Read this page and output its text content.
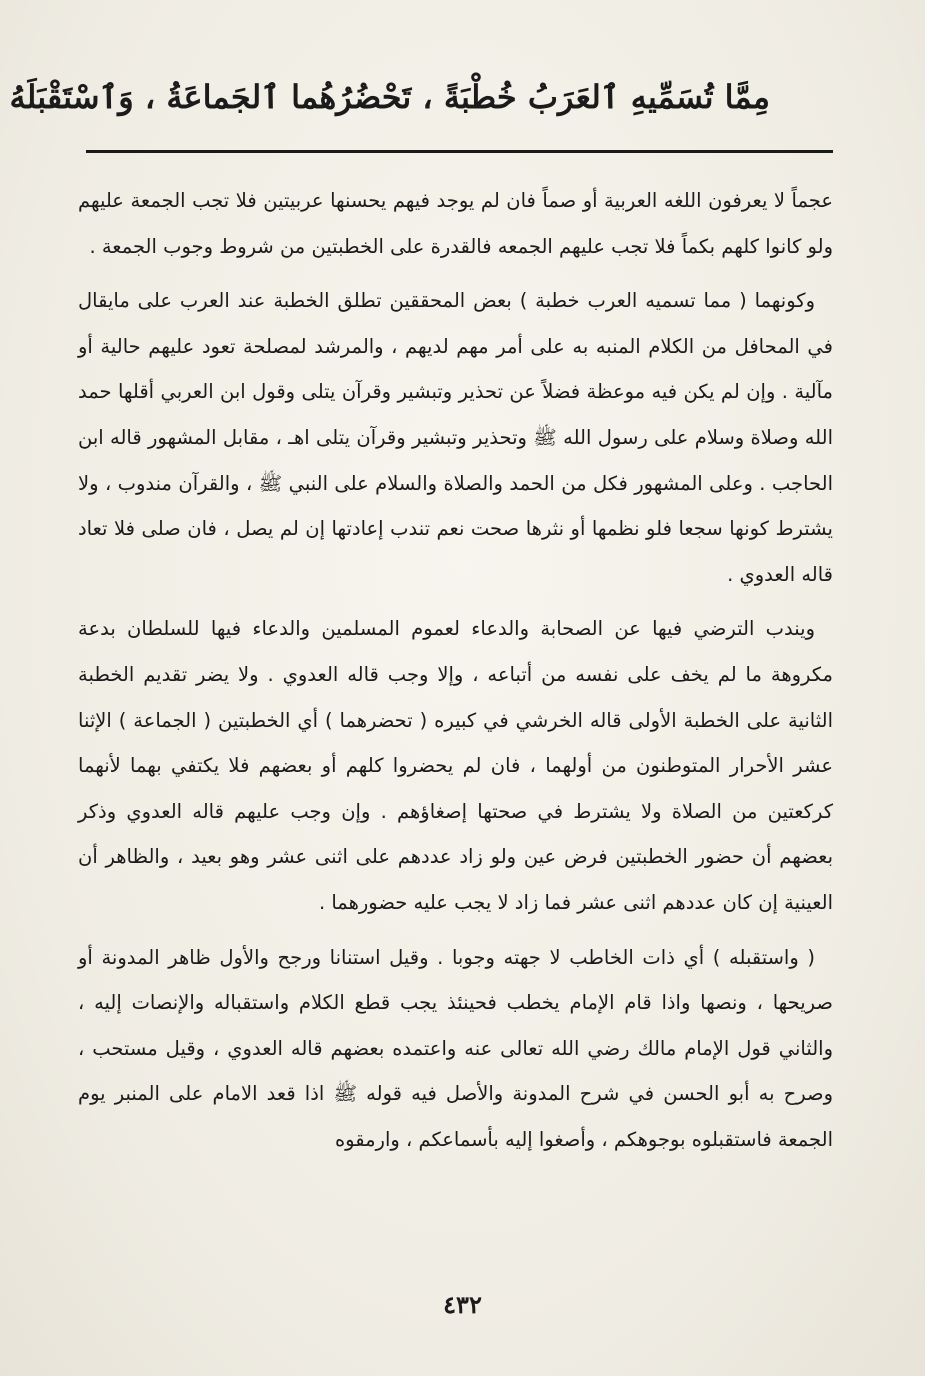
مِمَّا تُسَمِّيهِ ٱلعَرَبُ خُطْبَةً ، تَحْضُرُهُما ٱلجَماعَةُ ، وَٱسْتَقْبَلَهُ

عجماً لا يعرفون اللغه العربية أو صماً فان لم يوجد فيهم يحسنها عربيتين فلا تجب الجمعة عليهم ولو كانوا كلهم بكماً فلا تجب عليهم الجمعه فالقدرة على الخطبتين من شروط وجوب الجمعة .

وكونهما ( مما تسميه العرب خطبة ) بعض المحققين تطلق الخطبة عند العرب على مايقال في المحافل من الكلام المنبه به على أمر مهم لديهم ، والمرشد لمصلحة تعود عليهم حالية أو مآلية . وإن لم يكن فيه موعظة فضلاً عن تحذير وتبشير وقرآن يتلى وقول ابن العربي أقلها حمد الله وصلاة وسلام على رسول الله ﷺ وتحذير وتبشير وقرآن يتلى اهـ ، مقابل المشهور قاله ابن الحاجب . وعلى المشهور فكل من الحمد والصلاة والسلام على النبي ﷺ ، والقرآن مندوب ، ولا يشترط كونها سجعا فلو نظمها أو نثرها صحت نعم تندب إعادتها إن لم يصل ، فان صلى فلا تعاد قاله العدوي .

ويندب الترضي فيها عن الصحابة والدعاء لعموم المسلمين والدعاء فيها للسلطان بدعة مكروهة ما لم يخف على نفسه من أتباعه ، وإلا وجب قاله العدوي . ولا يضر تقديم الخطبة الثانية على الخطبة الأولى قاله الخرشي في كبيره ( تحضرهما ) أي الخطبتين ( الجماعة ) الإثنا عشر الأحرار المتوطنون من أولهما ، فان لم يحضروا كلهم أو بعضهم فلا يكتفي بهما لأنهما كركعتين من الصلاة ولا يشترط في صحتها إصغاؤهم . وإن وجب عليهم قاله العدوي وذكر بعضهم أن حضور الخطبتين فرض عين ولو زاد عددهم على اثنى عشر وهو بعيد ، والظاهر أن العينية إن كان عددهم اثنى عشر فما زاد لا يجب عليه حضورهما .

( واستقبله ) أي ذات الخاطب لا جهته وجوبا . وقيل استنانا ورجح والأول ظاهر المدونة أو صريحها ، ونصها واذا قام الإمام يخطب فحينئذ يجب قطع الكلام واستقباله والإنصات إليه ، والثاني قول الإمام مالك رضي الله تعالى عنه واعتمده بعضهم قاله العدوي ، وقيل مستحب ، وصرح به أبو الحسن في شرح المدونة والأصل فيه قوله ﷺ اذا قعد الامام على المنبر يوم الجمعة فاستقبلوه بوجوهكم ، وأصغوا إليه بأسماعكم ، وارمقوه

٤٣٢
